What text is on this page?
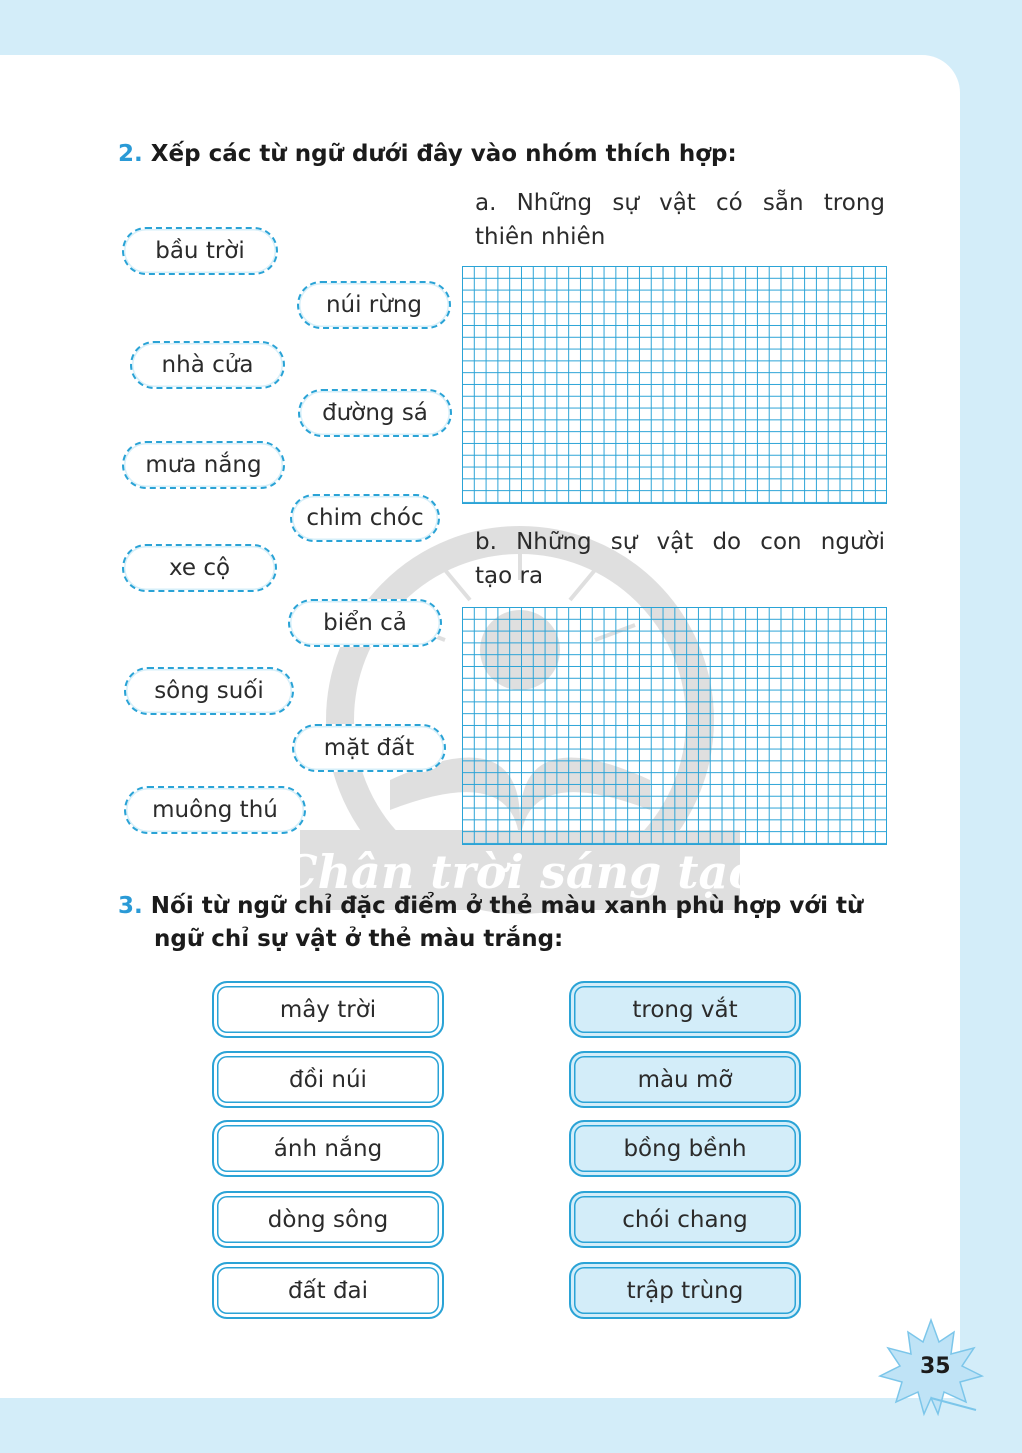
2. Xếp các từ ngữ dưới đây vào nhóm thích hợp:
a. Những sự vật có sẵn trong
thiên nhiên
b. Những sự vật do con người
tạo ra
bầu trời
núi rừng
nhà cửa
đường sá
mưa nắng
chim chóc
xe cộ
biển cả
sông suối
mặt đất
muông thú
3. Nối từ ngữ chỉ đặc điểm ở thẻ màu xanh phù hợp với từ
ngữ chỉ sự vật ở thẻ màu trắng:
mây trời
đồi núi
ánh nắng
dòng sông
đất đai
trong vắt
màu mỡ
bồng bềnh
chói chang
trập trùng
35
